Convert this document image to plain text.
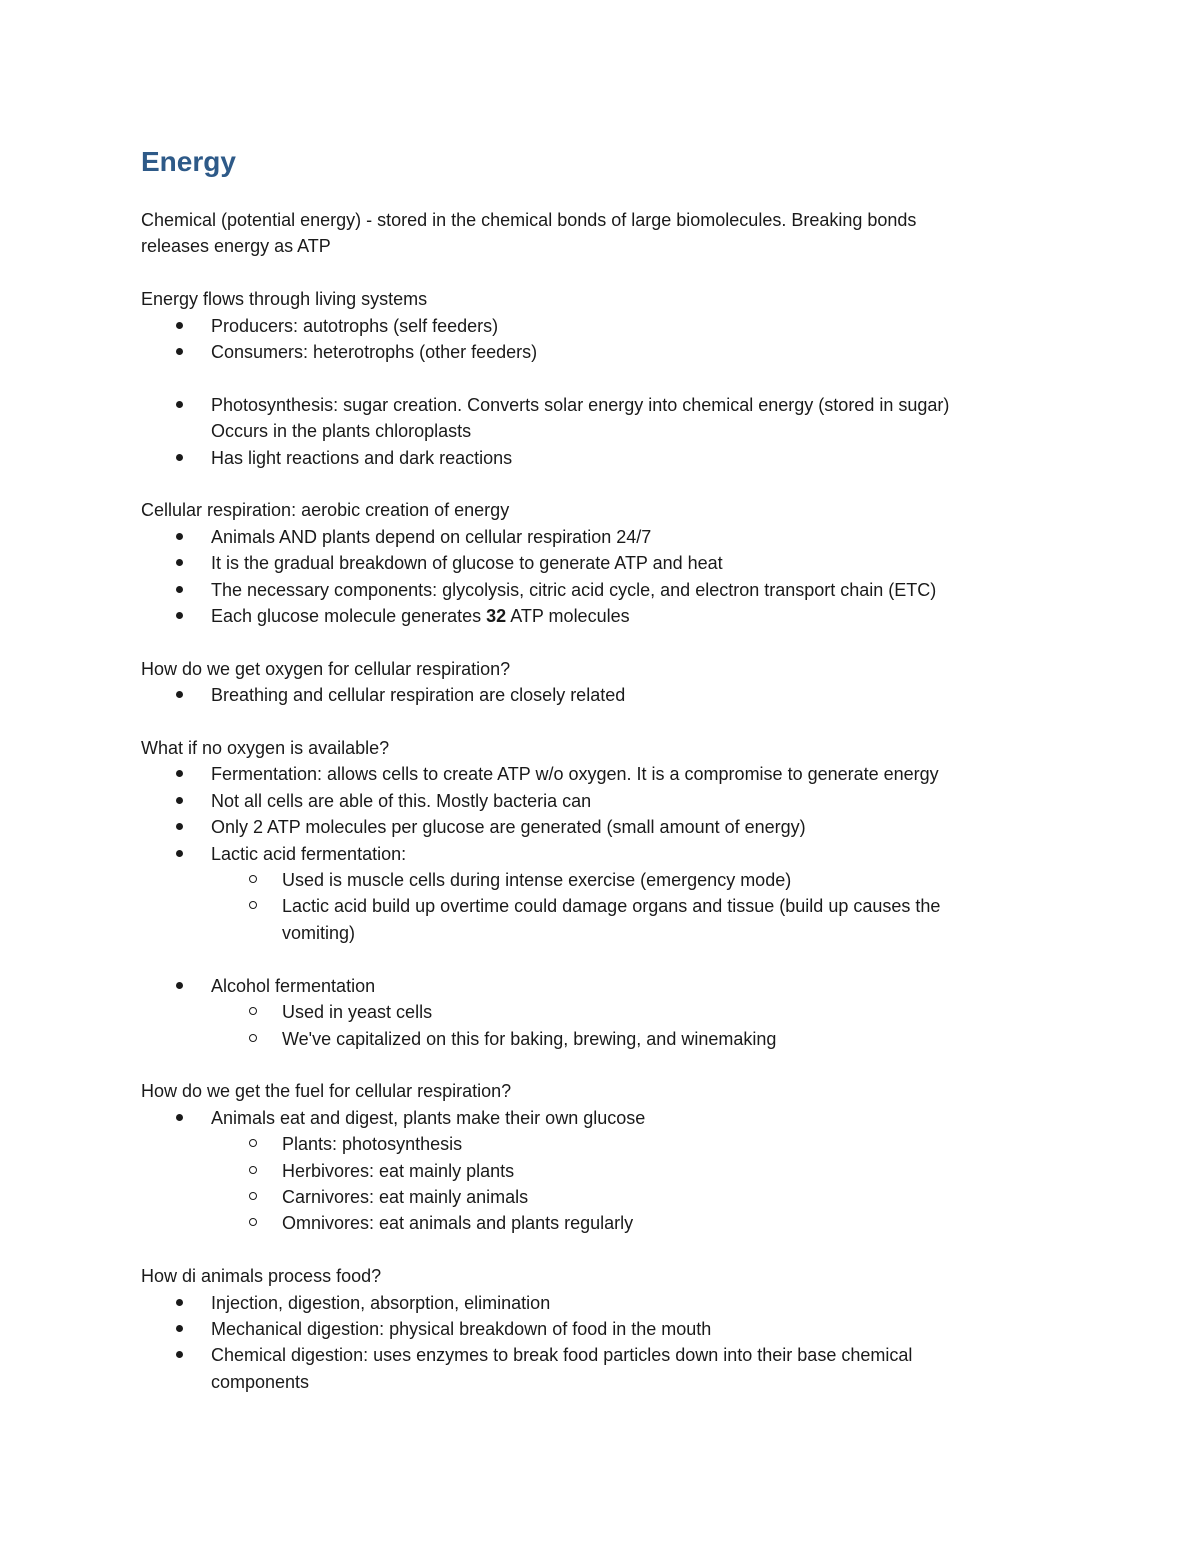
Energy

Chemical (potential energy) - stored in the chemical bonds of large biomolecules. Breaking bonds
releases energy as ATP

Energy flows through living systems

Producers: autotrophs (self feeders)
Consumers: heterotrophs (other feeders)
Photosynthesis: sugar creation. Converts solar energy into chemical energy (stored in sugar) Occurs in the plants chloroplasts
Has light reactions and dark reactions

Cellular respiration: aerobic creation of energy

Animals AND plants depend on cellular respiration 24/7
It is the gradual breakdown of glucose to generate ATP and heat
The necessary components: glycolysis, citric acid cycle, and electron transport chain (ETC)
Each glucose molecule generates 32 ATP molecules

How do we get oxygen for cellular respiration?

Breathing and cellular respiration are closely related

What if no oxygen is available?

Fermentation: allows cells to create ATP w/o oxygen. It is a compromise to generate energy
Not all cells are able of this. Mostly bacteria can
Only 2 ATP molecules per glucose are generated (small amount of energy)
Lactic acid fermentation:
Used is muscle cells during intense exercise (emergency mode)
Lactic acid build up overtime could damage organs and tissue (build up causes the vomiting)
Alcohol fermentation
Used in yeast cells
We've capitalized on this for baking, brewing, and winemaking

How do we get the fuel for cellular respiration?

Animals eat and digest, plants make their own glucose
Plants: photosynthesis
Herbivores: eat mainly plants
Carnivores: eat mainly animals
Omnivores: eat animals and plants regularly

How di animals process food?

Injection, digestion, absorption, elimination
Mechanical digestion: physical breakdown of food in the mouth
Chemical digestion: uses enzymes to break food particles down into their base chemical components
